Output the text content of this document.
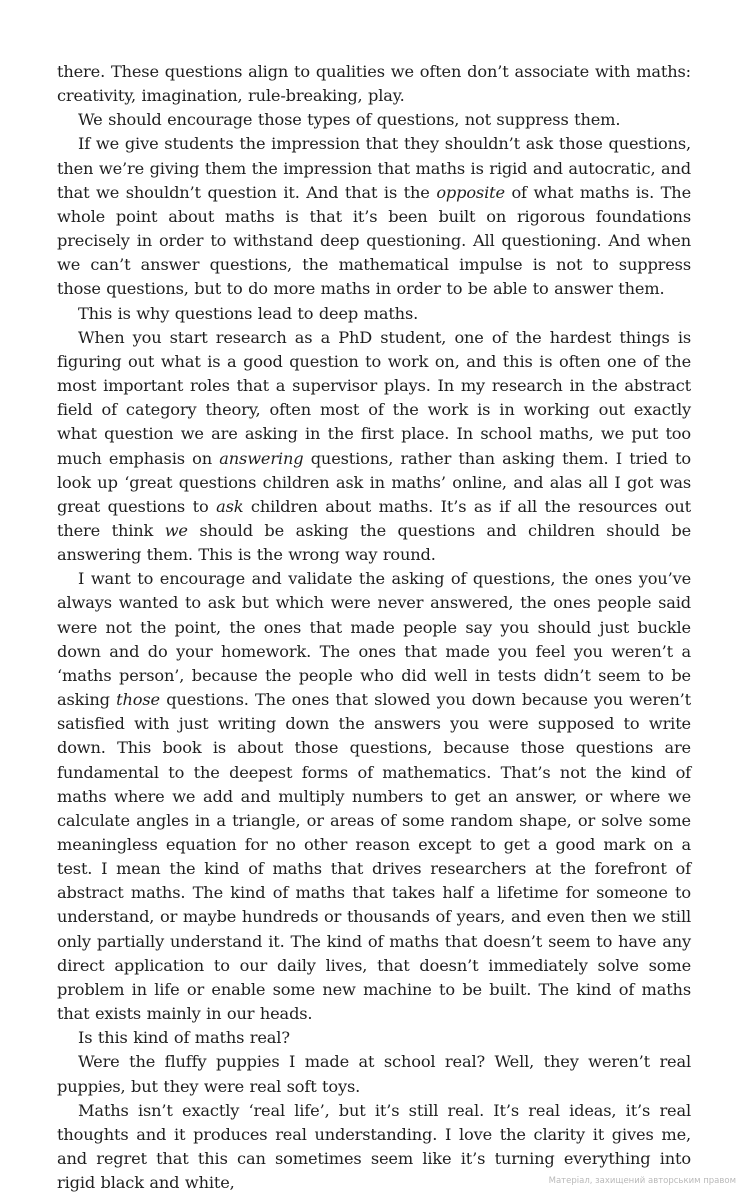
there. These questions align to qualities we often don’t associate with maths: creativity, imagination, rule-breaking, play.

We should encourage those types of questions, not suppress them.

If we give students the impression that they shouldn’t ask those questions, then we’re giving them the impression that maths is rigid and autocratic, and that we shouldn’t question it. And that is the opposite of what maths is. The whole point about maths is that it’s been built on rigorous foundations precisely in order to withstand deep questioning. All questioning. And when we can’t answer questions, the mathematical impulse is not to suppress those questions, but to do more maths in order to be able to answer them.

This is why questions lead to deep maths.

When you start research as a PhD student, one of the hardest things is figuring out what is a good question to work on, and this is often one of the most important roles that a supervisor plays. In my research in the abstract field of category theory, often most of the work is in working out exactly what question we are asking in the first place. In school maths, we put too much emphasis on answering questions, rather than asking them. I tried to look up ‘great questions children ask in maths’ online, and alas all I got was great questions to ask children about maths. It’s as if all the resources out there think we should be asking the questions and children should be answering them. This is the wrong way round.

I want to encourage and validate the asking of questions, the ones you’ve always wanted to ask but which were never answered, the ones people said were not the point, the ones that made people say you should just buckle down and do your homework. The ones that made you feel you weren’t a ‘maths person’, because the people who did well in tests didn’t seem to be asking those questions. The ones that slowed you down because you weren’t satisfied with just writing down the answers you were supposed to write down. This book is about those questions, because those questions are fundamental to the deepest forms of mathematics. That’s not the kind of maths where we add and multiply numbers to get an answer, or where we calculate angles in a triangle, or areas of some random shape, or solve some meaningless equation for no other reason except to get a good mark on a test. I mean the kind of maths that drives researchers at the forefront of abstract maths. The kind of maths that takes half a lifetime for someone to understand, or maybe hundreds or thousands of years, and even then we still only partially understand it. The kind of maths that doesn’t seem to have any direct application to our daily lives, that doesn’t immediately solve some problem in life or enable some new machine to be built. The kind of maths that exists mainly in our heads.

Is this kind of maths real?

Were the fluffy puppies I made at school real? Well, they weren’t real puppies, but they were real soft toys.

Maths isn’t exactly ‘real life’, but it’s still real. It’s real ideas, it’s real thoughts and it produces real understanding. I love the clarity it gives me, and regret that this can sometimes seem like it’s turning everything into rigid black and white,	Матеріал, захищений авторським правом
